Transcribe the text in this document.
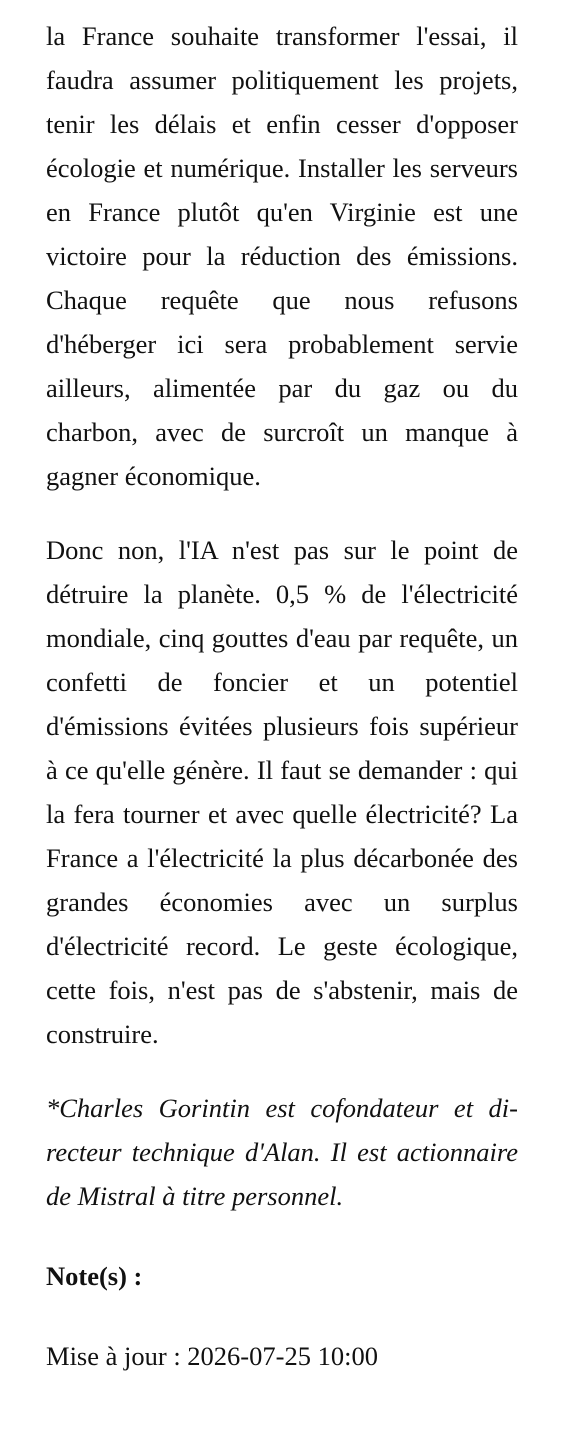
la France souhaite transformer l'essai, il faudra assumer politiquement les projets, tenir les délais et enfin cesser d'opposer écologie et numérique. Installer les serveurs en France plutôt qu'en Virginie est une victoire pour la réduction des émissions. Chaque requête que nous refusons d'héberger ici sera probablement servie ailleurs, alimentée par du gaz ou du charbon, avec de surcroît un manque à gagner économique.

Donc non, l'IA n'est pas sur le point de détruire la planète. 0,5 % de l'électricité mondiale, cinq gouttes d'eau par requête, un confetti de foncier et un potentiel d'émissions évitées plusieurs fois supérieur à ce qu'elle génère. Il faut se demander : qui la fera tourner et avec quelle électricité? La France a l'électricité la plus décarbonée des grandes économies avec un surplus d'électricité record. Le geste écologique, cette fois, n'est pas de s'abstenir, mais de construire.

*Charles Gorintin est cofondateur et directeur technique d'Alan. Il est actionnaire de Mistral à titre personnel.

Note(s) :

Mise à jour : 2026-07-25 10:00
